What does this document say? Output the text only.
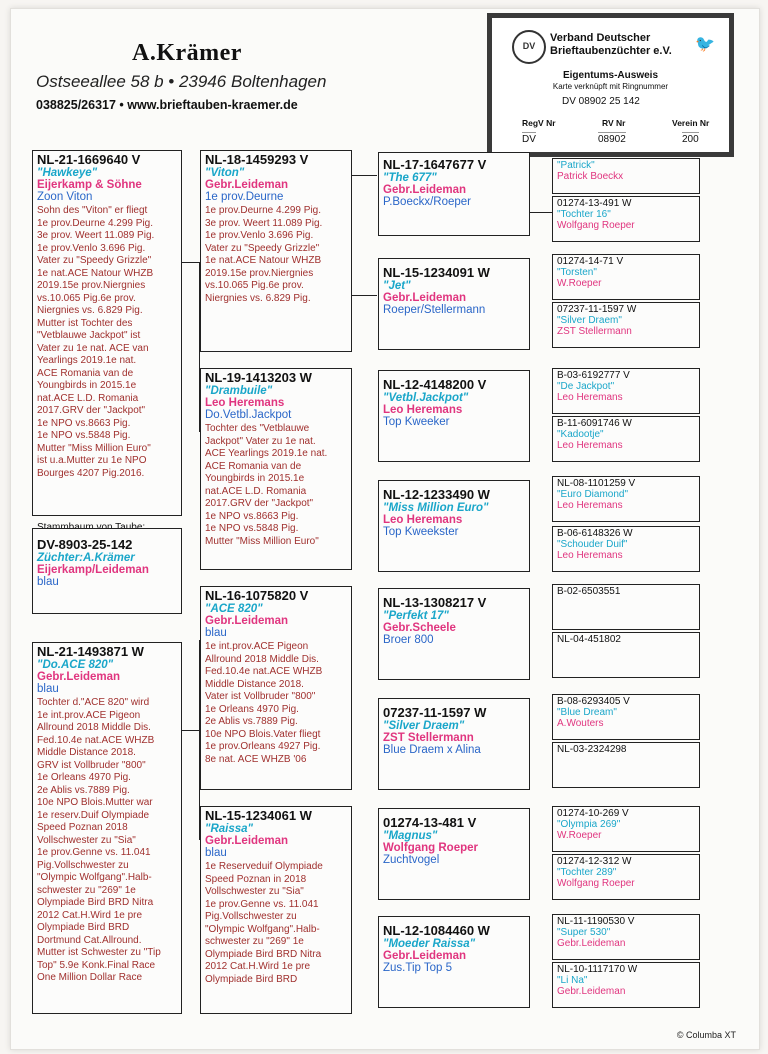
A.Krämer
Ostseeallee 58 b • 23946 Boltenhagen
038825/26317 • www.brieftauben-kraemer.de
DV
Verband Deutscher
Brieftaubenzüchter e.V. 🐦
Eigentums-Ausweis
Karte verknüpft mit Ringnummer
DV 08902 25 142
RegV Nr	RV Nr	Verein Nr
DV	08902	200
DV-8903-25-142
Züchter:A.Krämer
Eijerkamp/Leideman
blau
NL-21-1669640 V
"Hawkeye"
Eijerkamp & Söhne
Zoon Viton
Sohn des "Viton" er fliegt
1e prov.Deurne 4.299 Pig.
3e prov. Weert 11.089 Pig.
1e prov.Venlo 3.696 Pig.
Vater zu "Speedy Grizzle"
1e nat.ACE Natour WHZB
2019.15e prov.Niergnies
vs.10.065 Pig.6e prov.
Niergnies vs. 6.829 Pig.
Mutter ist Tochter des
"Vetblauwe Jackpot" ist
Vater zu 1e nat. ACE van
Yearlings 2019.1e nat.
ACE Romania van de
Youngbirds in 2015.1e
nat.ACE L.D. Romania
2017.GRV der "Jackpot"
1e NPO vs.8663 Pig.
1e NPO vs.5848 Pig.
Mutter "Miss Million Euro"
ist u.a.Mutter zu 1e NPO
Bourges 4207 Pig.2016.
NL-21-1493871 W
"Do.ACE 820"
Gebr.Leideman
blau
Tochter d."ACE 820" wird
1e int.prov.ACE Pigeon
Allround 2018 Middle Dis.
Fed.10.4e nat.ACE WHZB
Middle Distance 2018.
GRV ist Vollbruder "800"
1e Orleans 4970 Pig.
2e Ablis vs.7889 Pig.
10e NPO Blois.Mutter war
1e reserv.Duif Olympiade
Speed Poznan 2018
Vollschwester zu "Sia"
1e prov.Genne vs. 11.041
Pig.Vollschwester zu
"Olympic Wolfgang".Halb-
schwester zu "269" 1e
Olympiade Bird BRD Nitra
2012 Cat.H.Wird 1e pre
Olympiade Bird BRD
Dortmund Cat.Allround.
Mutter ist Schwester zu "Tip
Top" 5.9e Konk.Final Race
One Million Dollar Race
NL-18-1459293 V
"Viton"
Gebr.Leideman
1e prov.Deurne
1e prov.Deurne 4.299 Pig.
3e prov. Weert 11.089 Pig.
1e prov.Venlo 3.696 Pig.
Vater zu "Speedy Grizzle"
1e nat.ACE Natour WHZB
2019.15e prov.Niergnies
vs.10.065 Pig.6e prov.
Niergnies vs. 6.829 Pig.
NL-19-1413203 W
"Drambuile"
Leo Heremans
Do.Vetbl.Jackpot
Tochter des "Vetblauwe
Jackpot" Vater zu 1e nat.
ACE Yearlings 2019.1e nat.
ACE Romania van de
Youngbirds in 2015.1e
nat.ACE L.D. Romania
2017.GRV der "Jackpot"
1e NPO vs.8663 Pig.
1e NPO vs.5848 Pig.
Mutter "Miss Million Euro"
NL-16-1075820 V
"ACE 820"
Gebr.Leideman
blau
1e int.prov.ACE Pigeon
Allround 2018 Middle Dis.
Fed.10.4e nat.ACE WHZB
Middle Distance 2018.
Vater ist Vollbruder "800"
1e Orleans 4970 Pig.
2e Ablis vs.7889 Pig.
10e NPO Blois.Vater fliegt
1e prov.Orleans 4927 Pig.
8e nat. ACE WHZB '06
NL-15-1234061 W
"Raissa"
Gebr.Leideman
blau
1e Reserveduif Olympiade
Speed Poznan in 2018
Vollschwester zu "Sia"
1e prov.Genne vs. 11.041
Pig.Vollschwester zu
"Olympic Wolfgang".Halb-
schwester zu "269" 1e
Olympiade Bird BRD Nitra
2012 Cat.H.Wird 1e pre
Olympiade Bird BRD
NL-17-1647677 V
"The 677"
Gebr.Leideman
P.Boeckx/Roeper
NL-15-1234091 W
"Jet"
Gebr.Leideman
Roeper/Stellermann
NL-12-4148200 V
"Vetbl.Jackpot"
Leo Heremans
Top Kweeker
NL-12-1233490 W
"Miss Million Euro"
Leo Heremans
Top Kweekster
NL-13-1308217 V
"Perfekt 17"
Gebr.Scheele
Broer 800
07237-11-1597 W
"Silver Draem"
ZST Stellermann
Blue Draem x Alina
01274-13-481 V
"Magnus"
Wolfgang Roeper
Zuchtvogel
NL-12-1084460 W
"Moeder Raissa"
Gebr.Leideman
Zus.Tip Top 5
"Patrick"
Patrick Boeckx
01274-13-491 W
"Tochter 16"
Wolfgang Roeper
01274-14-71 V
"Torsten"
W.Roeper
07237-11-1597 W
"Silver Draem"
ZST Stellermann
B-03-6192777 V
"De Jackpot"
Leo Heremans
B-11-6091746 W
"Kadootje"
Leo Heremans
NL-08-1101259 V
"Euro Diamond"
Leo Heremans
B-06-6148326 W
"Schouder Duif"
Leo Heremans
B-02-6503551
NL-04-451802
B-08-6293405 V
"Blue Dream"
A.Wouters
NL-03-2324298
01274-10-269 V
"Olympia 269"
W.Roeper
01274-12-312 W
"Tochter 289"
Wolfgang Roeper
NL-11-1190530 V
"Super 530"
Gebr.Leideman
NL-10-1117170 W
"Li Na"
Gebr.Leideman
© Columba XT
